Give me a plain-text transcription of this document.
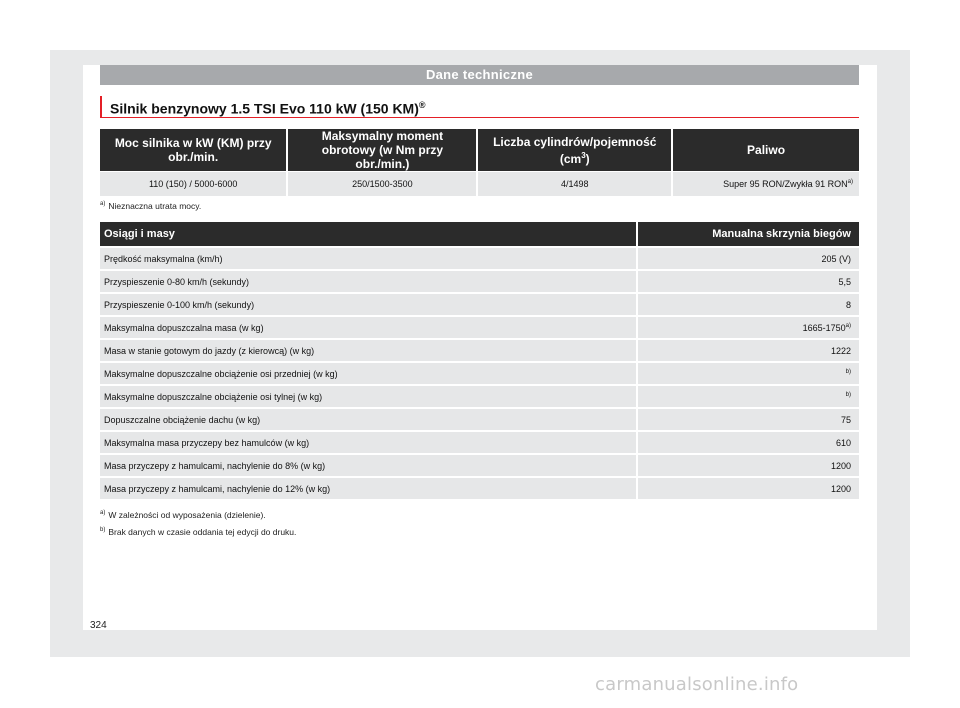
Dane techniczne
Silnik benzynowy 1.5 TSI Evo 110 kW (150 KM)®
Moc silnika w kW (KM) przy obr./min.	Maksymalny moment obrotowy (w Nm przy obr./min.)	Liczba cylindrów/pojemność $(cm^3)$	Paliwo
110 (150) / 5000-6000	250/1500-3500	4/1498	Super 95 RON/Zwykła 91 RON$^{a)}$
$^{a)}$ Nieznaczna utrata mocy.
Osiągi i masy	Manualna skrzynia biegów
Prędkość maksymalna (km/h)	205 (V)
Przyspieszenie 0-80 km/h (sekundy)	5,5
Przyspieszenie 0-100 km/h (sekundy)	8
Maksymalna dopuszczalna masa (w kg)	1665-1750$^{a)}$
Masa w stanie gotowym do jazdy (z kierowcą) (w kg)	1222
Maksymalne dopuszczalne obciążenie osi przedniej (w kg)	$^{b)}$
Maksymalne dopuszczalne obciążenie osi tylnej (w kg)	$^{b)}$
Dopuszczalne obciążenie dachu (w kg)	75
Maksymalna masa przyczepy bez hamulców (w kg)	610
Masa przyczepy z hamulcami, nachylenie do 8% (w kg)	1200
Masa przyczepy z hamulcami, nachylenie do 12% (w kg)	1200
$^{a)}$ W zależności od wyposażenia (dzielenie).
$^{b)}$ Brak danych w czasie oddania tej edycji do druku.
324
carmanualsonline.info
